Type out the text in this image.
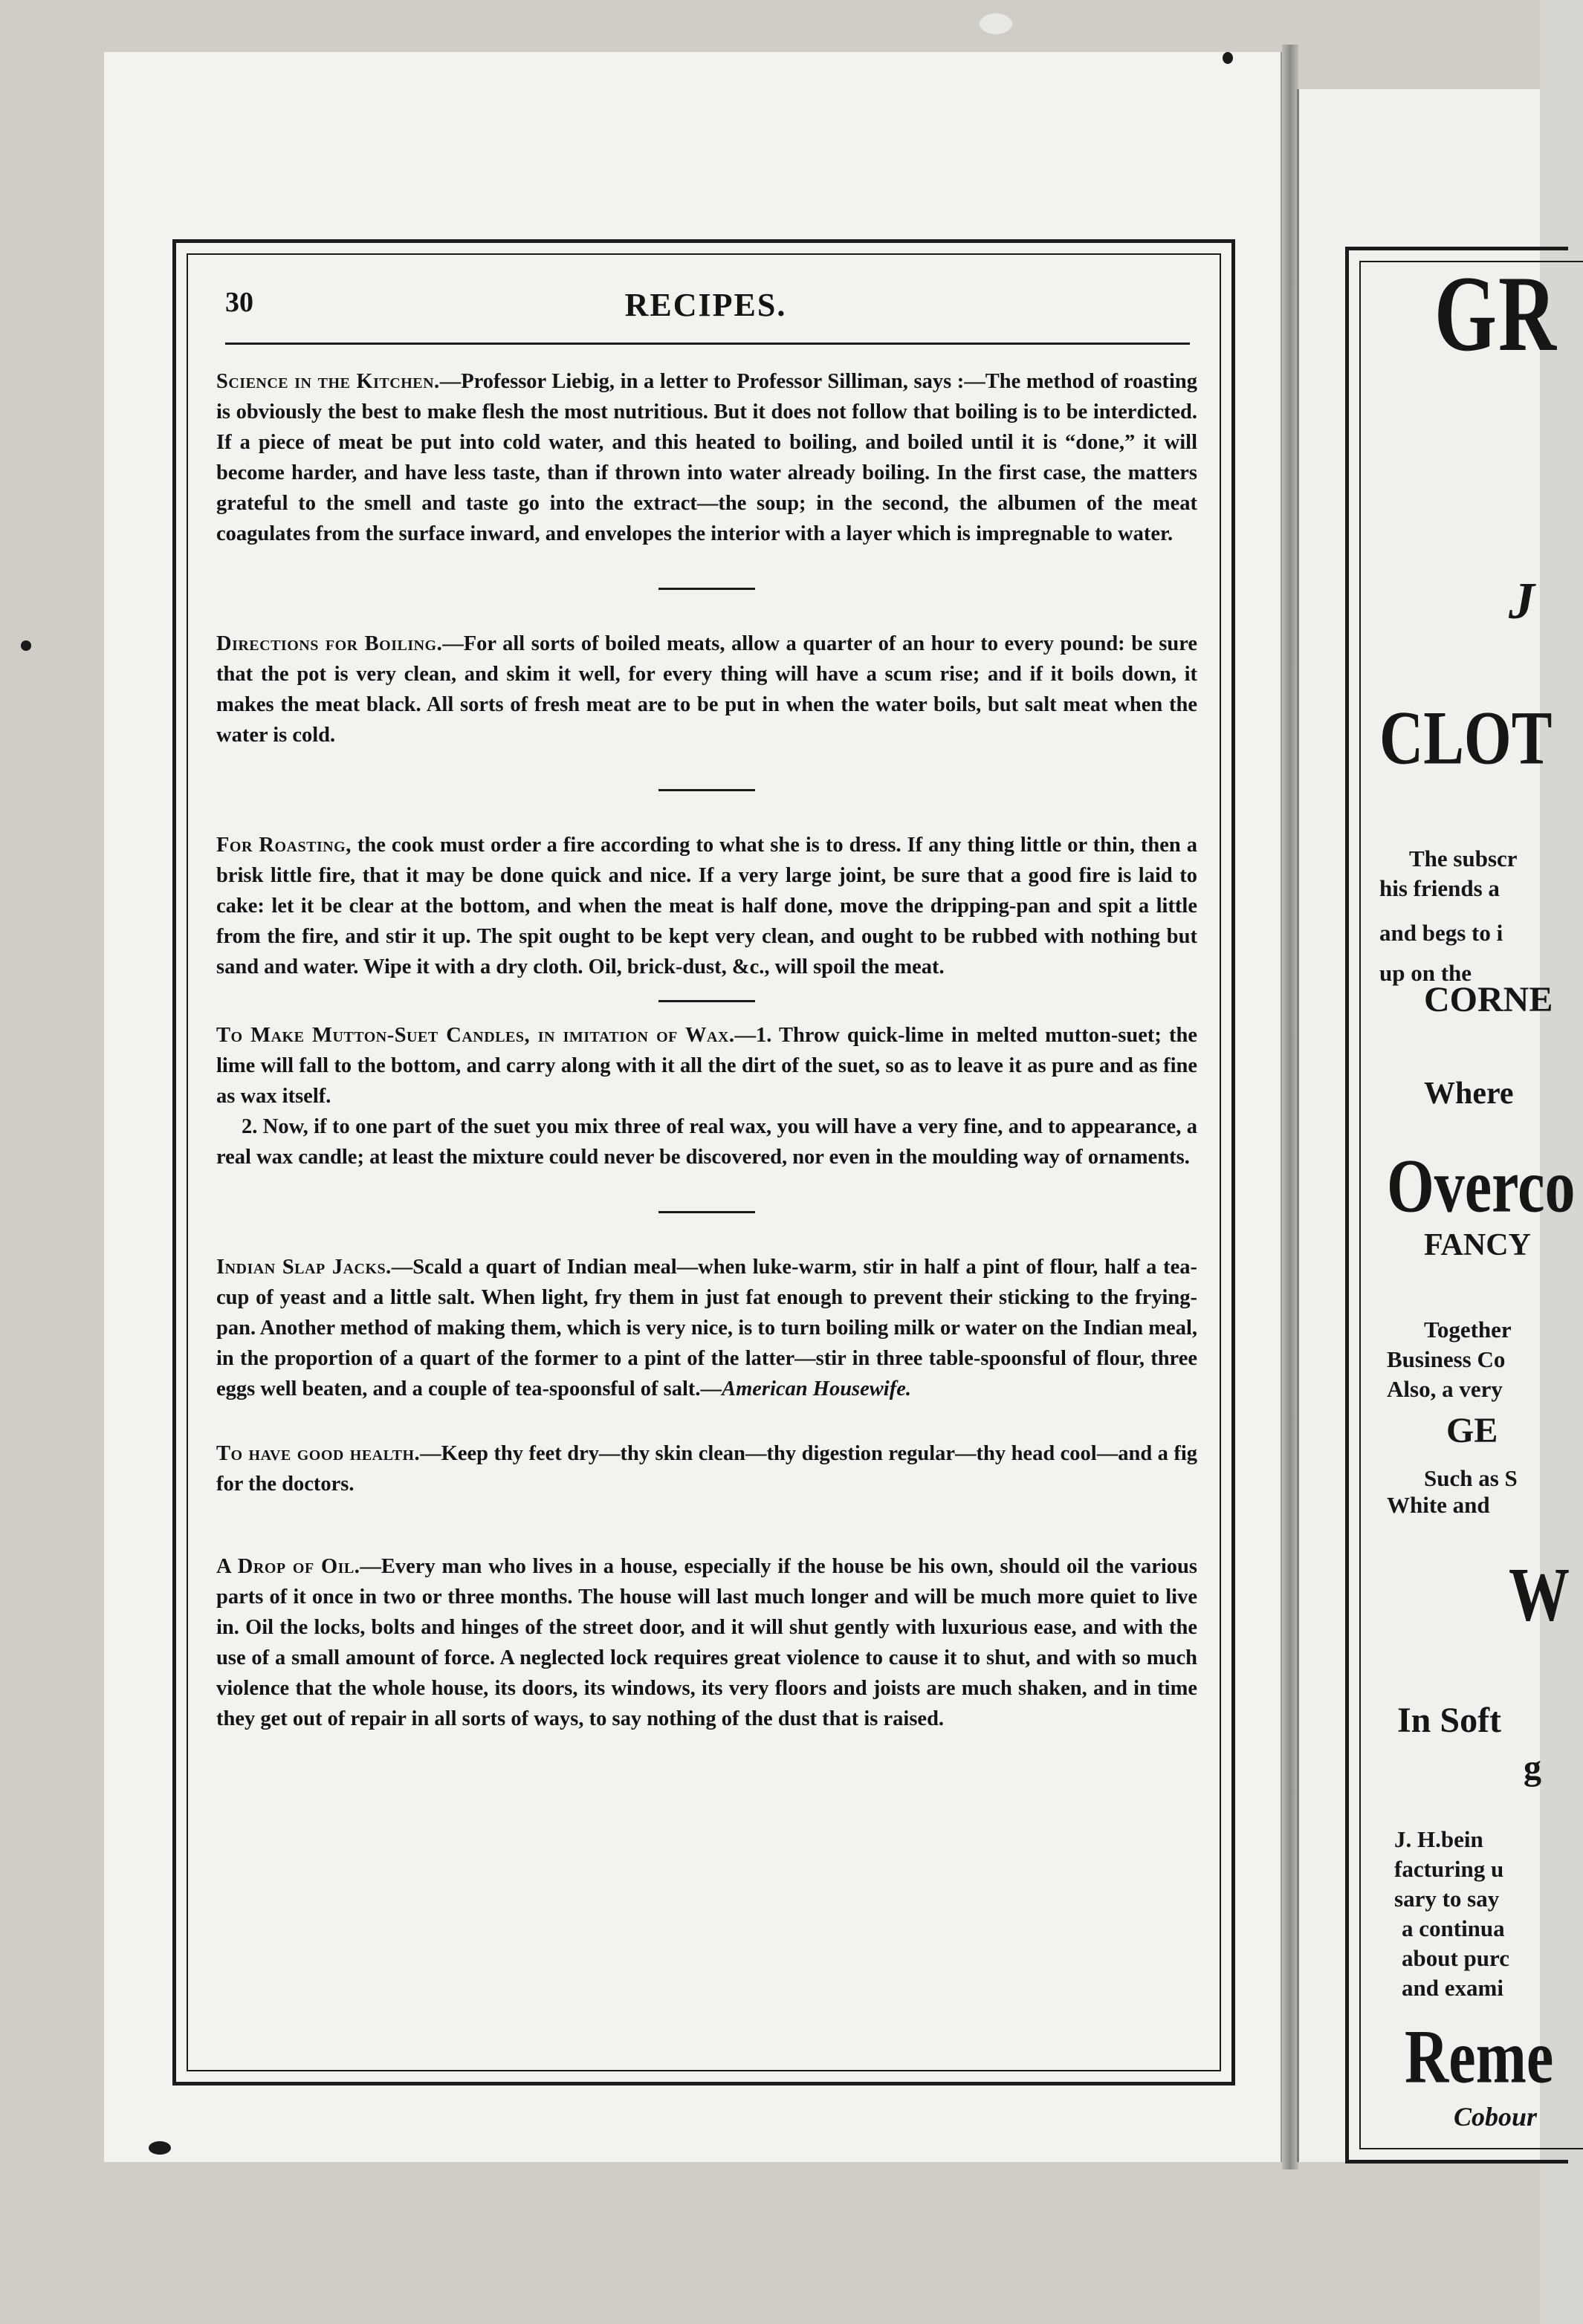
GR
J
CLOT
The subscr
his friends a
and begs to i
up on the
CORNE
Where
Overco
FANCY
Together
Business Co
Also, a very
GE
Such as S
White and
W
In Soft
g
J. H.bein
facturing u
sary to say
a continua
about purc
and exami
Reme
Cobour
30	RECIPES.

Science in the Kitchen.—Professor Liebig, in a letter to Professor Silliman, says :—The method of roasting is obviously the best to make flesh the most nutritious. But it does not follow that boiling is to be interdicted. If a piece of meat be put into cold water, and this heated to boiling, and boiled until it is “done,” it will become harder, and have less taste, than if thrown into water already boiling. In the first case, the matters grateful to the smell and taste go into the extract—the soup; in the second, the albumen of the meat coagulates from the surface inward, and envelopes the interior with a layer which is impregnable to water.

Directions for Boiling.—For all sorts of boiled meats, allow a quarter of an hour to every pound: be sure that the pot is very clean, and skim it well, for every thing will have a scum rise; and if it boils down, it makes the meat black. All sorts of fresh meat are to be put in when the water boils, but salt meat when the water is cold.

For Roasting, the cook must order a fire according to what she is to dress. If any thing little or thin, then a brisk little fire, that it may be done quick and nice. If a very large joint, be sure that a good fire is laid to cake: let it be clear at the bottom, and when the meat is half done, move the dripping-pan and spit a little from the fire, and stir it up. The spit ought to be kept very clean, and ought to be rubbed with nothing but sand and water. Wipe it with a dry cloth. Oil, brick-dust, &c., will spoil the meat.

To Make Mutton-Suet Candles, in imitation of Wax.—1. Throw quick-lime in melted mutton-suet; the lime will fall to the bottom, and carry along with it all the dirt of the suet, so as to leave it as pure and as fine as wax itself.

2. Now, if to one part of the suet you mix three of real wax, you will have a very fine, and to appearance, a real wax candle; at least the mixture could never be discovered, nor even in the moulding way of ornaments.

Indian Slap Jacks.—Scald a quart of Indian meal—when luke-warm, stir in half a pint of flour, half a tea-cup of yeast and a little salt. When light, fry them in just fat enough to prevent their sticking to the frying-pan. Another method of making them, which is very nice, is to turn boiling milk or water on the Indian meal, in the proportion of a quart of the former to a pint of the latter—stir in three table-spoonsful of flour, three eggs well beaten, and a couple of tea-spoonsful of salt.—American Housewife.

To have good health.—Keep thy feet dry—thy skin clean—thy digestion regular—thy head cool—and a fig for the doctors.

A Drop of Oil.—Every man who lives in a house, especially if the house be his own, should oil the various parts of it once in two or three months. The house will last much longer and will be much more quiet to live in. Oil the locks, bolts and hinges of the street door, and it will shut gently with luxurious ease, and with the use of a small amount of force. A neglected lock requires great violence to cause it to shut, and with so much violence that the whole house, its doors, its windows, its very floors and joists are much shaken, and in time they get out of repair in all sorts of ways, to say nothing of the dust that is raised.
